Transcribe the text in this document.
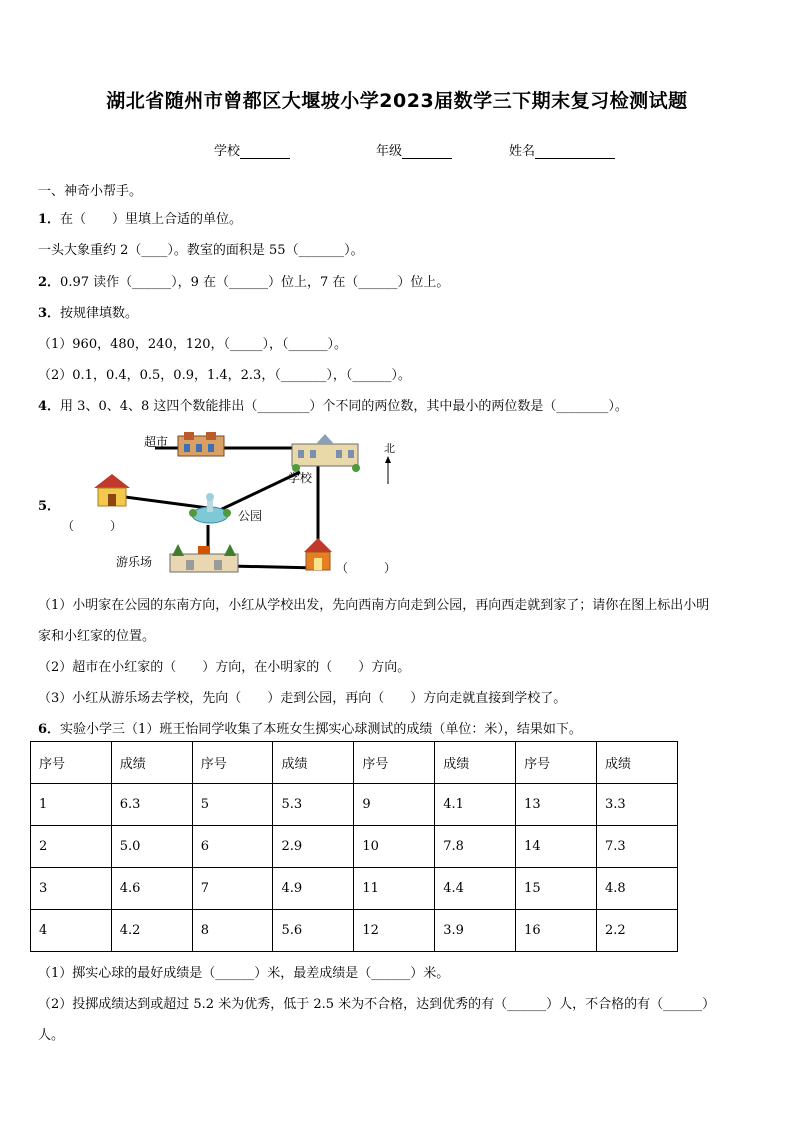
湖北省随州市曾都区大堰坡小学2023届数学三下期末复习检测试题
学校	年级	姓名
一、神奇小帮手。
1．在（　　）里填上合适的单位。
一头大象重约 2（____）。教室的面积是 55（_______）。
2．0.97 读作（______），9 在（______）位上，7 在（______）位上。
3．按规律填数。
（1）960，480，240，120，（_____），（______）。
（2）0.1，0.4，0.5，0.9，1.4，2.3，（_______），（______）。
4．用 3、0、4、8 这四个数能排出（________）个不同的两位数，其中最小的两位数是（________）。
5．
超市
学校
北
（　　　）
公园
游乐场	（　　　）
（1）小明家在公园的东南方向，小红从学校出发，先向西南方向走到公园，再向西走就到家了；请你在图上标出小明
家和小红家的位置。
（2）超市在小红家的（　　）方向，在小明家的（　　）方向。
（3）小红从游乐场去学校，先向（　　）走到公园，再向（　　）方向走就直接到学校了。
6．实验小学三（1）班王怡同学收集了本班女生掷实心球测试的成绩（单位：米），结果如下。
序号	成绩	序号	成绩	序号	成绩	序号	成绩
1	6.3	5	5.3	9	4.1	13	3.3
2	5.0	6	2.9	10	7.8	14	7.3
3	4.6	7	4.9	11	4.4	15	4.8
4	4.2	8	5.6	12	3.9	16	2.2
（1）掷实心球的最好成绩是（______）米，最差成绩是（______）米。
（2）投掷成绩达到或超过 5.2 米为优秀，低于 2.5 米为不合格，达到优秀的有（______）人，不合格的有（______）
人。
